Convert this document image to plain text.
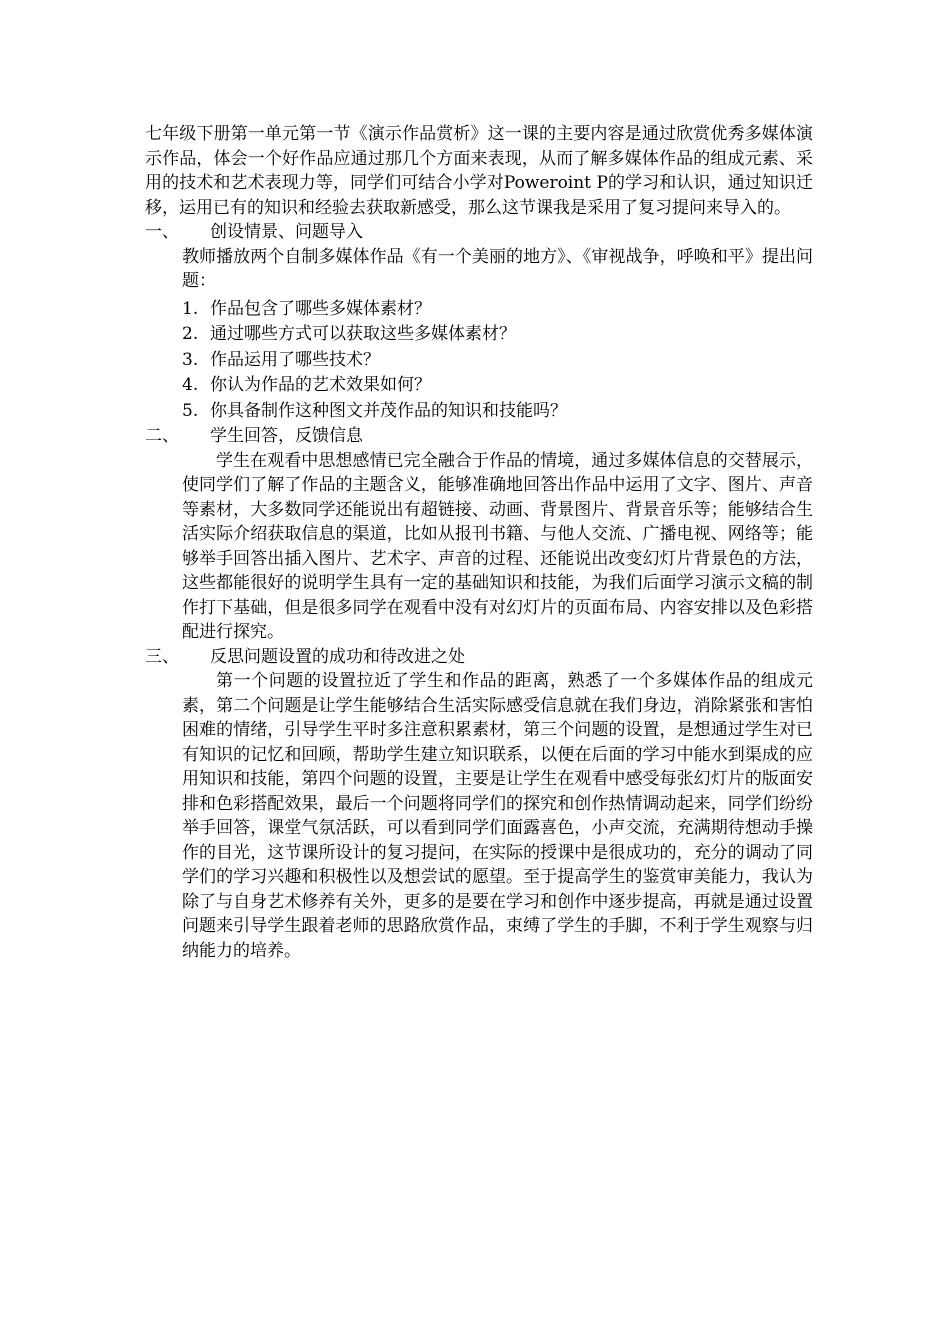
七年级下册第一单元第一节《演示作品赏析》这一课的主要内容是通过欣赏优秀多媒体演示作品，体会一个好作品应通过那几个方面来表现，从而了解多媒体作品的组成元素、采用的技术和艺术表现力等，同学们可结合小学对Poweroint P的学习和认识，通过知识迁移，运用已有的知识和经验去获取新感受，那么这节课我是采用了复习提问来导入的。

一、	创设情景、问题导入

教师播放两个自制多媒体作品《有一个美丽的地方》、《审视战争，呼唤和平》提出问题：

1. 作品包含了哪些多媒体素材？
2. 通过哪些方式可以获取这些多媒体素材？
3. 作品运用了哪些技术？
4. 你认为作品的艺术效果如何？
5. 你具备制作这种图文并茂作品的知识和技能吗？
二、	学生回答，反馈信息

学生在观看中思想感情已完全融合于作品的情境，通过多媒体信息的交替展示，使同学们了解了作品的主题含义，能够准确地回答出作品中运用了文字、图片、声音等素材，大多数同学还能说出有超链接、动画、背景图片、背景音乐等；能够结合生活实际介绍获取信息的渠道，比如从报刊书籍、与他人交流、广播电视、网络等；能够举手回答出插入图片、艺术字、声音的过程、还能说出改变幻灯片背景色的方法，这些都能很好的说明学生具有一定的基础知识和技能，为我们后面学习演示文稿的制作打下基础，但是很多同学在观看中没有对幻灯片的页面布局、内容安排以及色彩搭配进行探究。

三、	反思问题设置的成功和待改进之处

第一个问题的设置拉近了学生和作品的距离，熟悉了一个多媒体作品的组成元素，第二个问题是让学生能够结合生活实际感受信息就在我们身边，消除紧张和害怕困难的情绪，引导学生平时多注意积累素材，第三个问题的设置，是想通过学生对已有知识的记忆和回顾，帮助学生建立知识联系，以便在后面的学习中能水到渠成的应用知识和技能，第四个问题的设置，主要是让学生在观看中感受每张幻灯片的版面安排和色彩搭配效果，最后一个问题将同学们的探究和创作热情调动起来，同学们纷纷举手回答，课堂气氛活跃，可以看到同学们面露喜色，小声交流，充满期待想动手操作的目光，这节课所设计的复习提问，在实际的授课中是很成功的，充分的调动了同学们的学习兴趣和积极性以及想尝试的愿望。至于提高学生的鉴赏审美能力，我认为除了与自身艺术修养有关外，更多的是要在学习和创作中逐步提高，再就是通过设置问题来引导学生跟着老师的思路欣赏作品，束缚了学生的手脚，不利于学生观察与归纳能力的培养。
